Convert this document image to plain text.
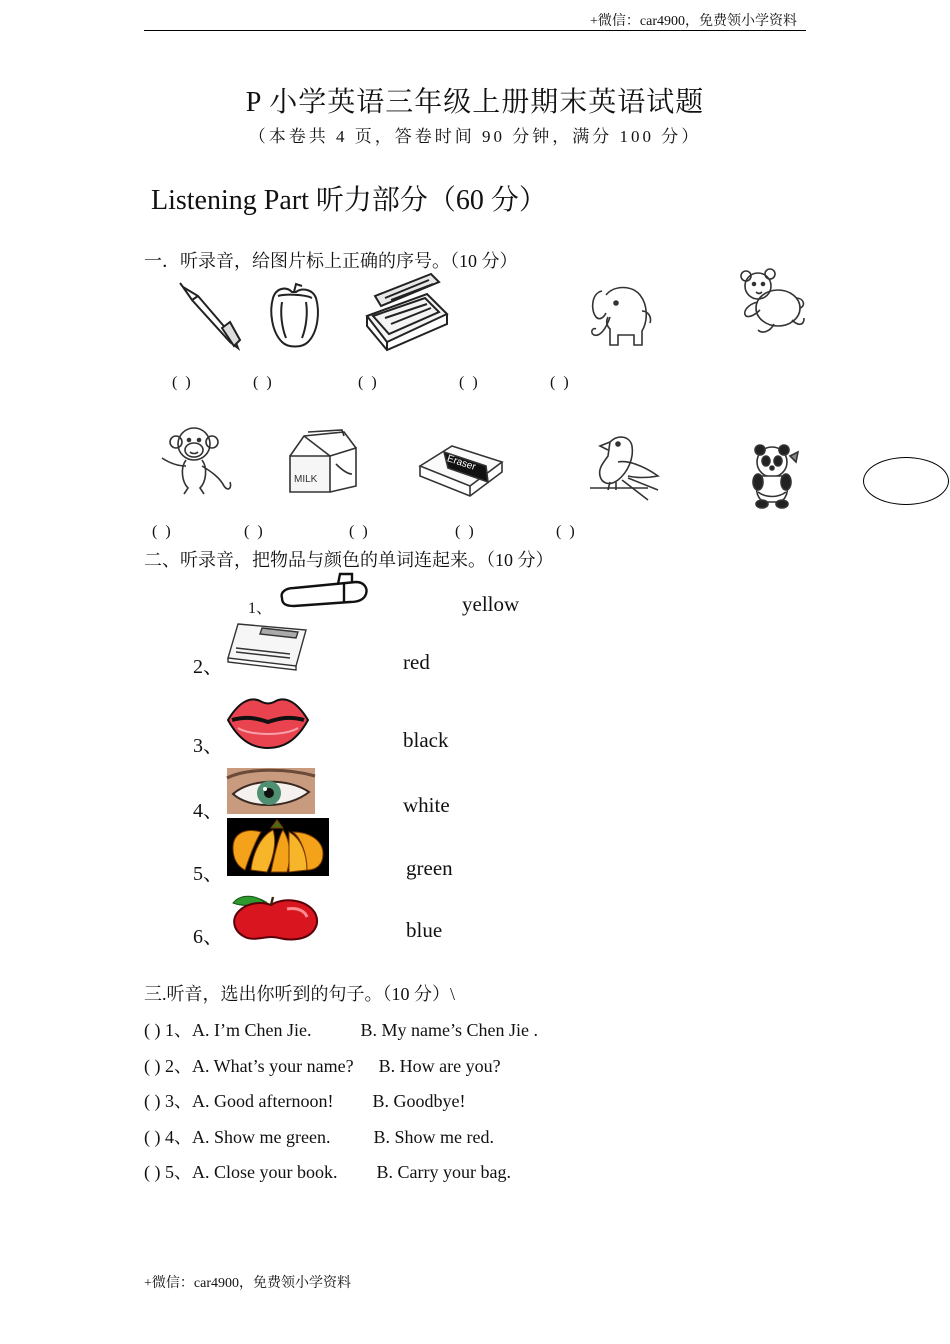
+微信：car4900，免费领小学资料
P 小学英语三年级上册期末英语试题
（本卷共 4 页，答卷时间 90 分钟，满分 100 分）
Listening Part 听力部分（60 分）
一．听录音，给图片标上正确的序号。（10 分）
( )	( )	( )	( )	( )
MILK
Eraser
( )	( )	( )	( )	( )
二、听录音，把物品与颜色的单词连起来。（10 分）
1、	yellow
2、	red
3、	black
4、	white
5、	green
6、	blue
三.听音，选出你听到的句子。（10 分）\
( ) 1、A. I’m Chen Jie.	B. My name’s Chen Jie .
( ) 2、A. What’s your name? B. How are you?
( ) 3、A. Good afternoon! B. Goodbye!
( ) 4、A. Show me green. B. Show me red.
( ) 5、A. Close your book. B. Carry your bag.
+微信：car4900，免费领小学资料
